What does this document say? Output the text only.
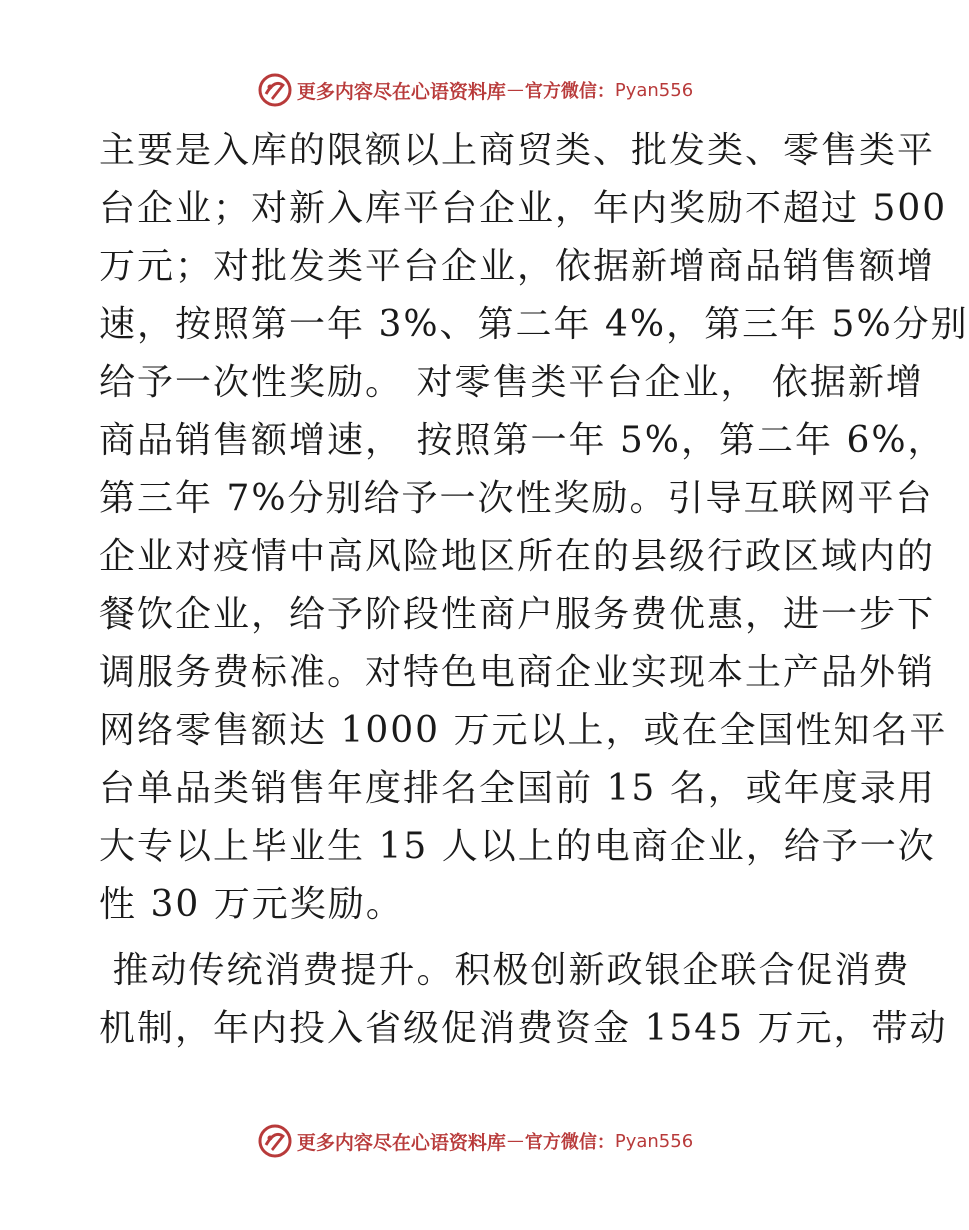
更多内容尽在心语资料库 — 官方微信： Pyan556
主要是入库的限额以上商贸类、批发类、零售类平
台企业；对新入库平台企业，年内奖励不超过 500
万元；对批发类平台企业，依据新增商品销售额增
速，按照第一年 3%、第二年 4%，第三年 5%分别
给予一次性奖励。 对零售类平台企业， 依据新增
商品销售额增速， 按照第一年 5%，第二年 6%，
第三年 7%分别给予一次性奖励。引导互联网平台
企业对疫情中高风险地区所在的县级行政区域内的
餐饮企业，给予阶段性商户服务费优惠，进一步下
调服务费标准。对特色电商企业实现本土产品外销
网络零售额达 1000 万元以上，或在全国性知名平
台单品类销售年度排名全国前 15 名，或年度录用
大专以上毕业生 15 人以上的电商企业，给予一次
性 30 万元奖励。
推动传统消费提升。积极创新政银企联合促消费
机制，年内投入省级促消费资金 1545 万元，带动
更多内容尽在心语资料库 — 官方微信： Pyan556
